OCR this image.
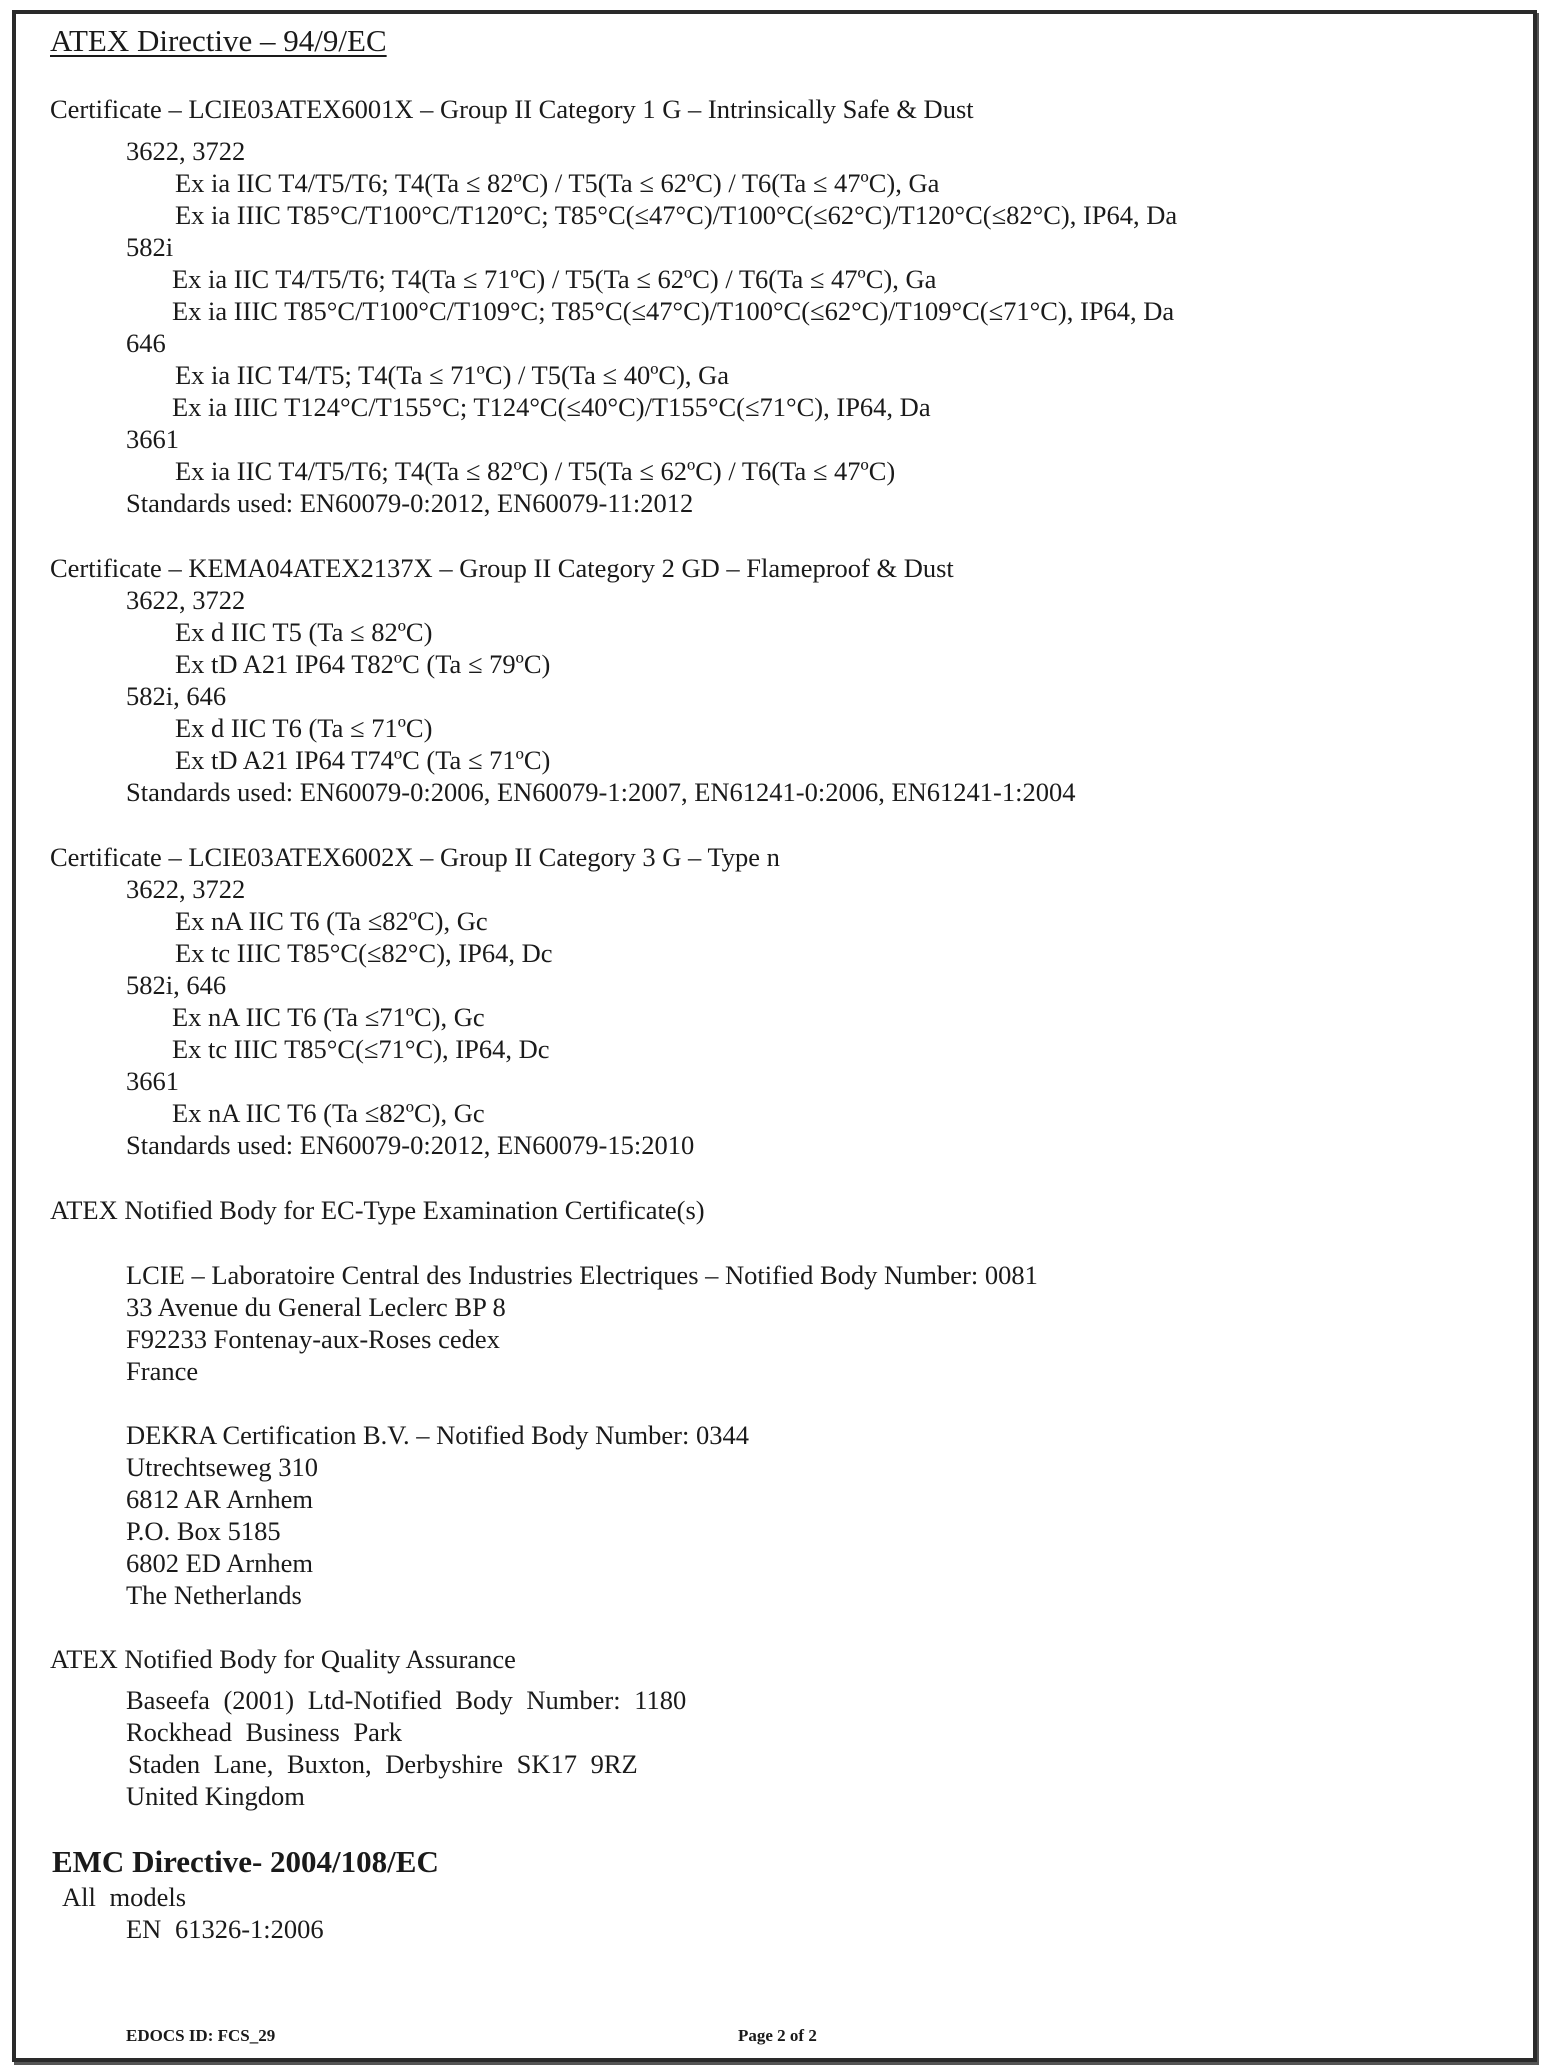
ATEX Directive – 94/9/EC
Certificate – LCIE03ATEX6001X – Group II Category 1 G – Intrinsically Safe & Dust
3622, 3722
Ex ia IIC T4/T5/T6; T4(Ta ≤ 82ºC) / T5(Ta ≤ 62ºC) / T6(Ta ≤ 47ºC), Ga
Ex ia IIIC T85°C/T100°C/T120°C; T85°C(≤47°C)/T100°C(≤62°C)/T120°C(≤82°C), IP64, Da
582i
Ex ia IIC T4/T5/T6; T4(Ta ≤ 71ºC) / T5(Ta ≤ 62ºC) / T6(Ta ≤ 47ºC), Ga
Ex ia IIIC T85°C/T100°C/T109°C; T85°C(≤47°C)/T100°C(≤62°C)/T109°C(≤71°C), IP64, Da
646
Ex ia IIC T4/T5; T4(Ta ≤ 71ºC) / T5(Ta ≤ 40ºC), Ga
Ex ia IIIC T124°C/T155°C; T124°C(≤40°C)/T155°C(≤71°C), IP64, Da
3661
Ex ia IIC T4/T5/T6; T4(Ta ≤ 82ºC) / T5(Ta ≤ 62ºC) / T6(Ta ≤ 47ºC)
Standards used: EN60079-0:2012, EN60079-11:2012
Certificate – KEMA04ATEX2137X – Group II Category 2 GD – Flameproof & Dust
3622, 3722
Ex d IIC T5 (Ta ≤ 82ºC)
Ex tD A21 IP64 T82ºC (Ta ≤ 79ºC)
582i, 646
Ex d IIC T6 (Ta ≤ 71ºC)
Ex tD A21 IP64 T74ºC (Ta ≤ 71ºC)
Standards used: EN60079-0:2006, EN60079-1:2007, EN61241-0:2006, EN61241-1:2004
Certificate – LCIE03ATEX6002X – Group II Category 3 G – Type n
3622, 3722
Ex nA IIC T6 (Ta ≤82ºC), Gc
Ex tc IIIC T85°C(≤82°C), IP64, Dc
582i, 646
Ex nA IIC T6 (Ta ≤71ºC), Gc
Ex tc IIIC T85°C(≤71°C), IP64, Dc
3661
Ex nA IIC T6 (Ta ≤82ºC), Gc
Standards used: EN60079-0:2012, EN60079-15:2010
ATEX Notified Body for EC-Type Examination Certificate(s)
LCIE – Laboratoire Central des Industries Electriques – Notified Body Number: 0081
33 Avenue du General Leclerc BP 8
F92233 Fontenay-aux-Roses cedex
France
DEKRA Certification B.V. – Notified Body Number: 0344
Utrechtseweg 310
6812 AR Arnhem
P.O. Box 5185
6802 ED Arnhem
The Netherlands
ATEX Notified Body for Quality Assurance
Baseefa (2001) Ltd-Notified Body Number: 1180
Rockhead Business Park
Staden Lane, Buxton, Derbyshire SK17 9RZ
United Kingdom
EMC Directive- 2004/108/EC
All models
EN 61326-1:2006
EDOCS ID: FCS_29	Page 2 of 2
